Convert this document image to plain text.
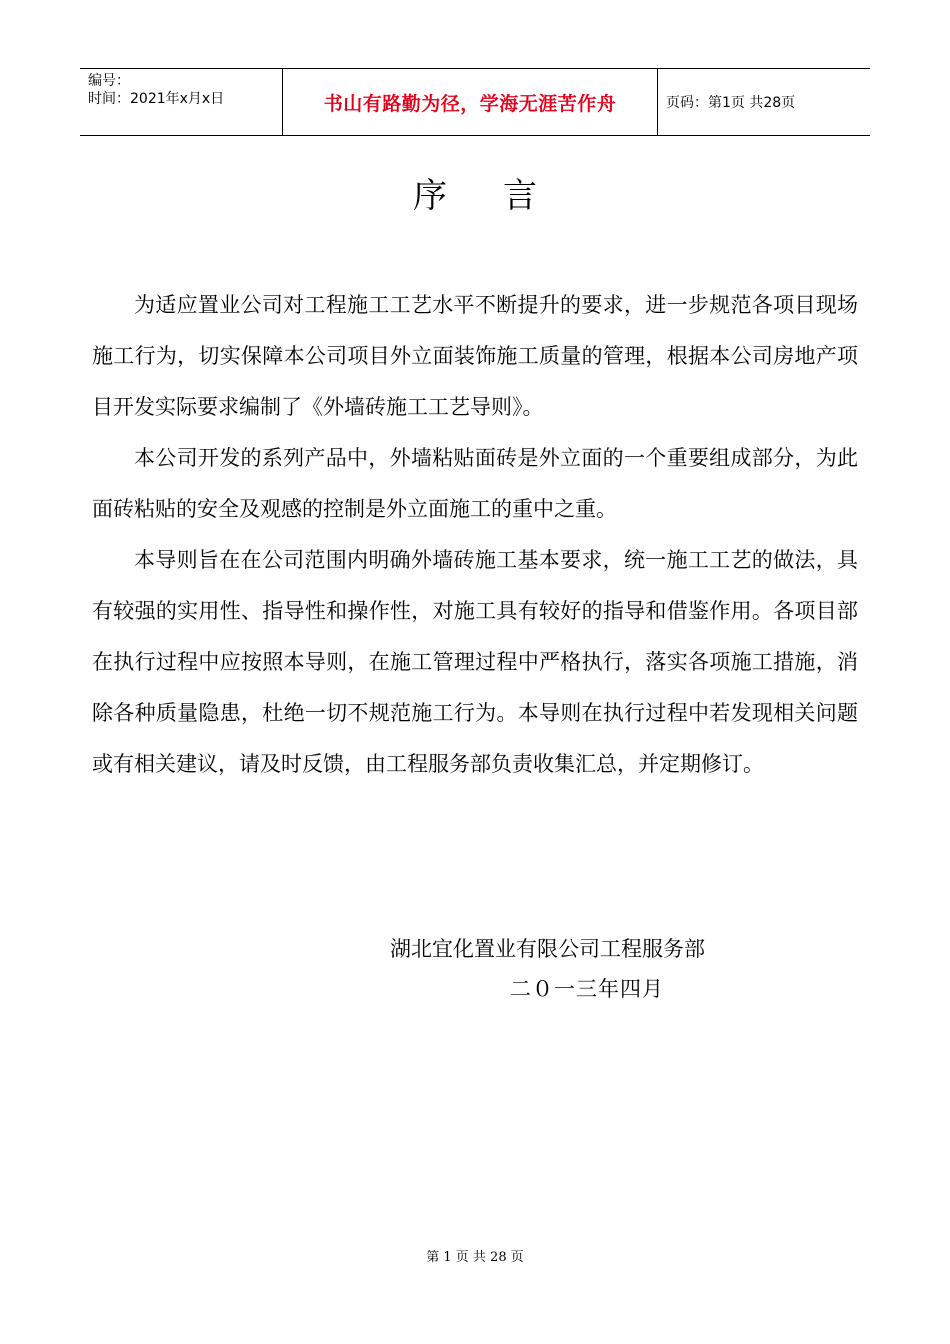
编号：
时间：2021年x月x日	书山有路勤为径，学海无涯苦作舟	页码：第1页 共28页
序言

为适应置业公司对工程施工工艺水平不断提升的要求，进一步规范各项目现场施工行为，切实保障本公司项目外立面装饰施工质量的管理，根据本公司房地产项目开发实际要求编制了《外墙砖施工工艺导则》。

本公司开发的系列产品中，外墙粘贴面砖是外立面的一个重要组成部分，为此面砖粘贴的安全及观感的控制是外立面施工的重中之重。

本导则旨在在公司范围内明确外墙砖施工基本要求，统一施工工艺的做法，具有较强的实用性、指导性和操作性，对施工具有较好的指导和借鉴作用。各项目部在执行过程中应按照本导则，在施工管理过程中严格执行，落实各项施工措施，消除各种质量隐患，杜绝一切不规范施工行为。本导则在执行过程中若发现相关问题或有相关建议，请及时反馈，由工程服务部负责收集汇总，并定期修订。

湖北宜化置业有限公司工程服务部
二０一三年四月
第 1 页 共 28 页
